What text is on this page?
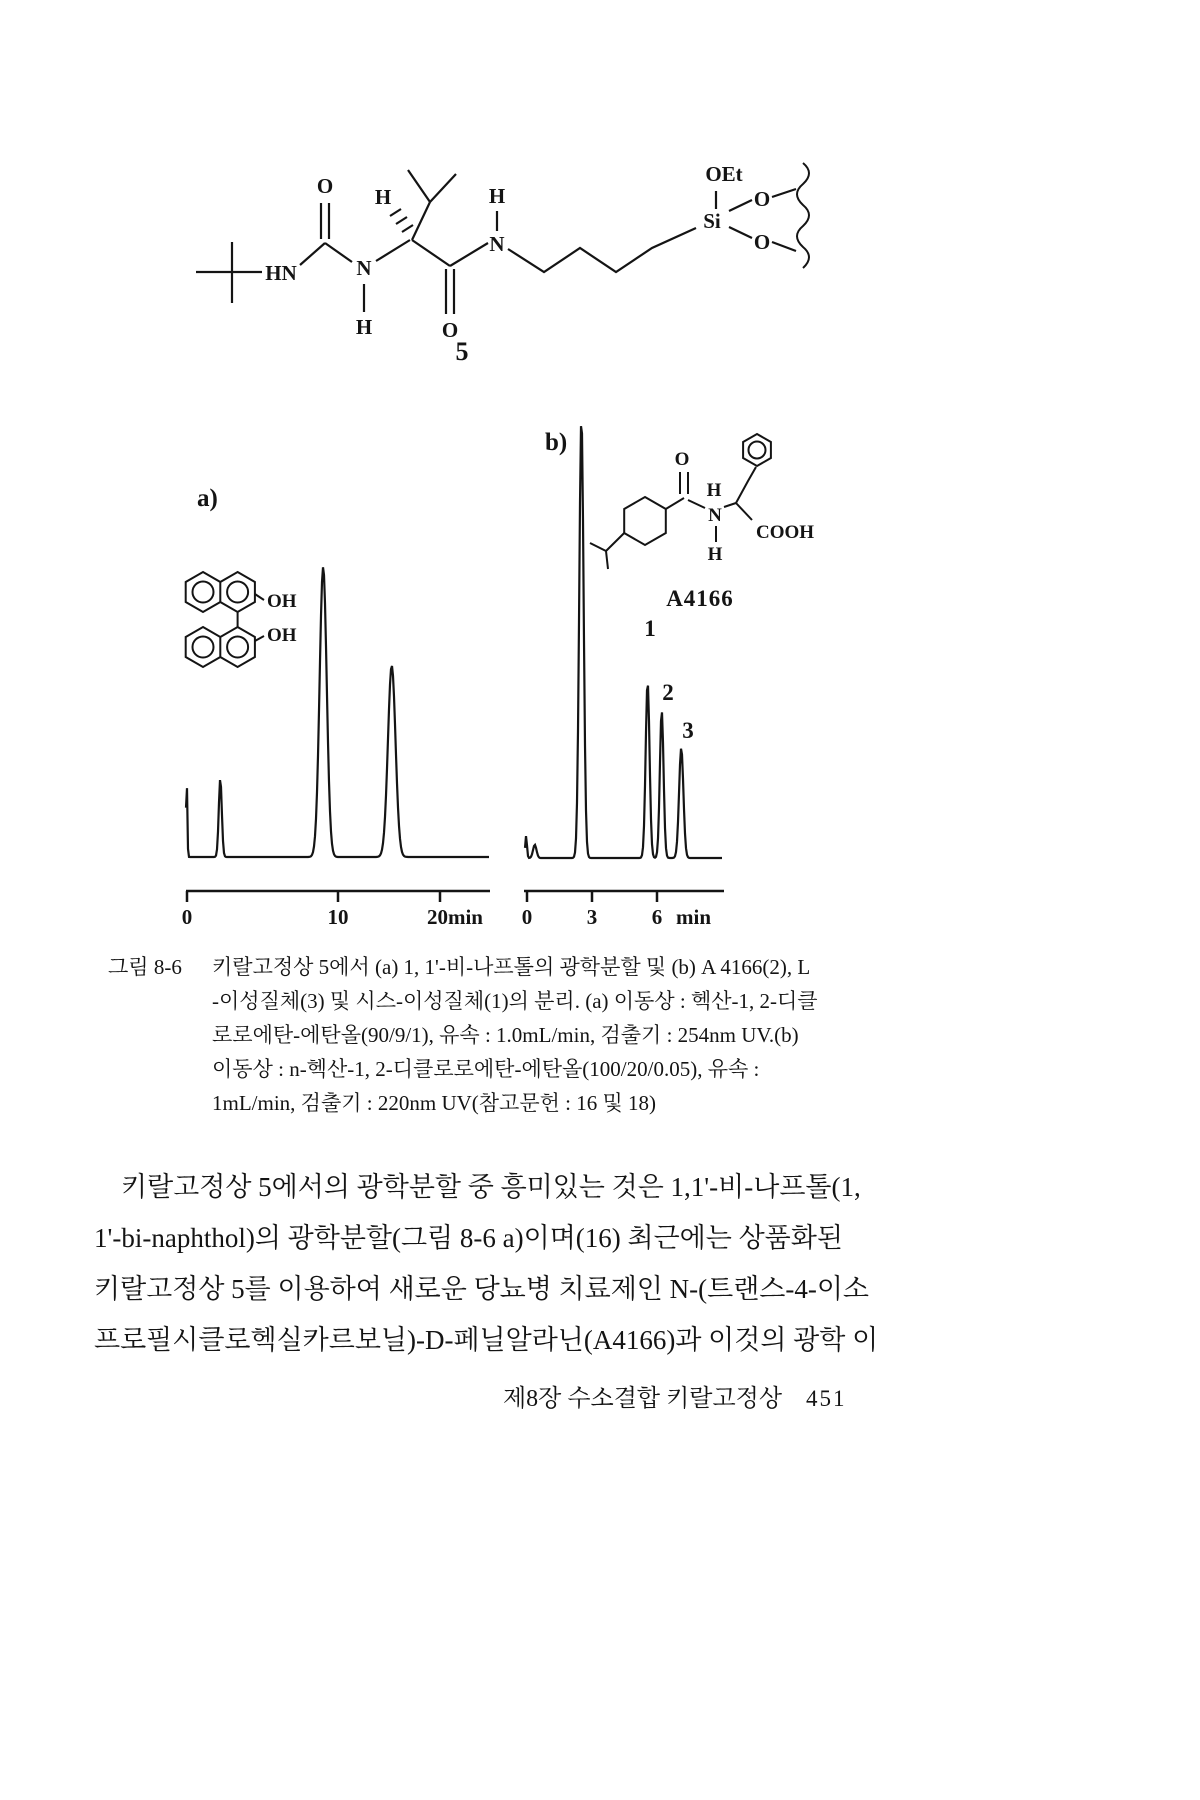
HN
O
N
H
H
O
N
H
OEt
Si
O
O
5
a)
OH
OH
0	10	20min
b)
O
H
N
H
COOH
A4166
1
2
3
0	3	6 min
그림 8-6	키랄고정상 5에서 (a) 1, 1'-비-나프톨의 광학분할 및 (b) A 4166(2), L
-이성질체(3) 및 시스-이성질체(1)의 분리. (a) 이동상 : 헥산-1, 2-디클
로로에탄-에탄올(90/9/1), 유속 : 1.0mL/min, 검출기 : 254nm UV.(b)
이동상 : n-헥산-1, 2-디클로로에탄-에탄올(100/20/0.05), 유속 :
1mL/min, 검출기 : 220nm UV(참고문헌 : 16 및 18)
　키랄고정상 5에서의 광학분할 중 흥미있는 것은 1,1'-비-나프톨(1,
1'-bi-naphthol)의 광학분할(그림 8-6 a)이며(16) 최근에는 상품화된
키랄고정상 5를 이용하여 새로운 당뇨병 치료제인 N-(트랜스-4-이소
프로필시클로헥실카르보닐)-D-페닐알라닌(A4166)과 이것의 광학 이
제8장 수소결합 키랄고정상 451
